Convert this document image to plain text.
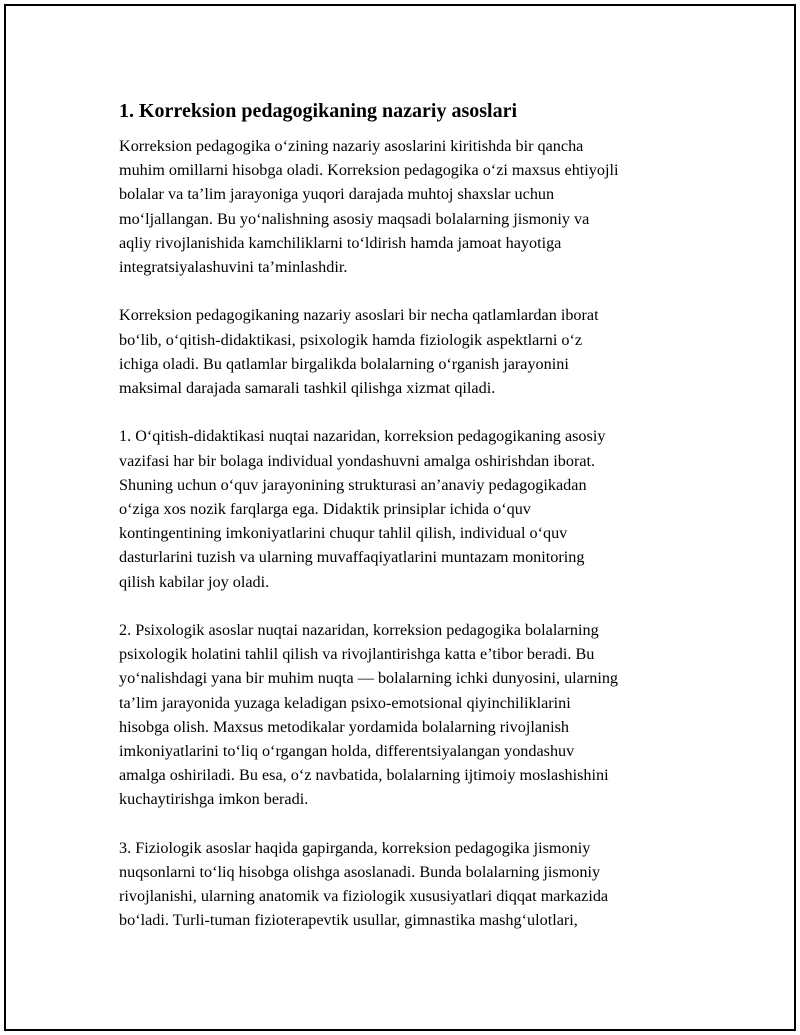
1. Korreksion pedagogikaning nazariy asoslari
Korreksion pedagogika oʻzining nazariy asoslarini kiritishda bir qancha
muhim omillarni hisobga oladi. Korreksion pedagogika oʻzi maxsus ehtiyojli
bolalar va ta’lim jarayoniga yuqori darajada muhtoj shaxslar uchun
moʻljallangan. Bu yoʻnalishning asosiy maqsadi bolalarning jismoniy va
aqliy rivojlanishida kamchiliklarni toʻldirish hamda jamoat hayotiga
integratsiyalashuvini ta’minlashdir.
Korreksion pedagogikaning nazariy asoslari bir necha qatlamlardan iborat
boʻlib, oʻqitish-didaktikasi, psixologik hamda fiziologik aspektlarni oʻz
ichiga oladi. Bu qatlamlar birgalikda bolalarning oʻrganish jarayonini
maksimal darajada samarali tashkil qilishga xizmat qiladi.
1. Oʻqitish-didaktikasi nuqtai nazaridan, korreksion pedagogikaning asosiy
vazifasi har bir bolaga individual yondashuvni amalga oshirishdan iborat.
Shuning uchun oʻquv jarayonining strukturasi an’anaviy pedagogikadan
oʻziga xos nozik farqlarga ega. Didaktik prinsiplar ichida oʻquv
kontingentining imkoniyatlarini chuqur tahlil qilish, individual oʻquv
dasturlarini tuzish va ularning muvaffaqiyatlarini muntazam monitoring
qilish kabilar joy oladi.
2. Psixologik asoslar nuqtai nazaridan, korreksion pedagogika bolalarning
psixologik holatini tahlil qilish va rivojlantirishga katta e’tibor beradi. Bu
yoʻnalishdagi yana bir muhim nuqta — bolalarning ichki dunyosini, ularning
ta’lim jarayonida yuzaga keladigan psixo-emotsional qiyinchiliklarini
hisobga olish. Maxsus metodikalar yordamida bolalarning rivojlanish
imkoniyatlarini toʻliq oʻrgangan holda, differentsiyalangan yondashuv
amalga oshiriladi. Bu esa, oʻz navbatida, bolalarning ijtimoiy moslashishini
kuchaytirishga imkon beradi.
3. Fiziologik asoslar haqida gapirganda, korreksion pedagogika jismoniy
nuqsonlarni toʻliq hisobga olishga asoslanadi. Bunda bolalarning jismoniy
rivojlanishi, ularning anatomik va fiziologik xususiyatlari diqqat markazida
boʻladi. Turli-tuman fizioterapevtik usullar, gimnastika mashgʻulotlari,
